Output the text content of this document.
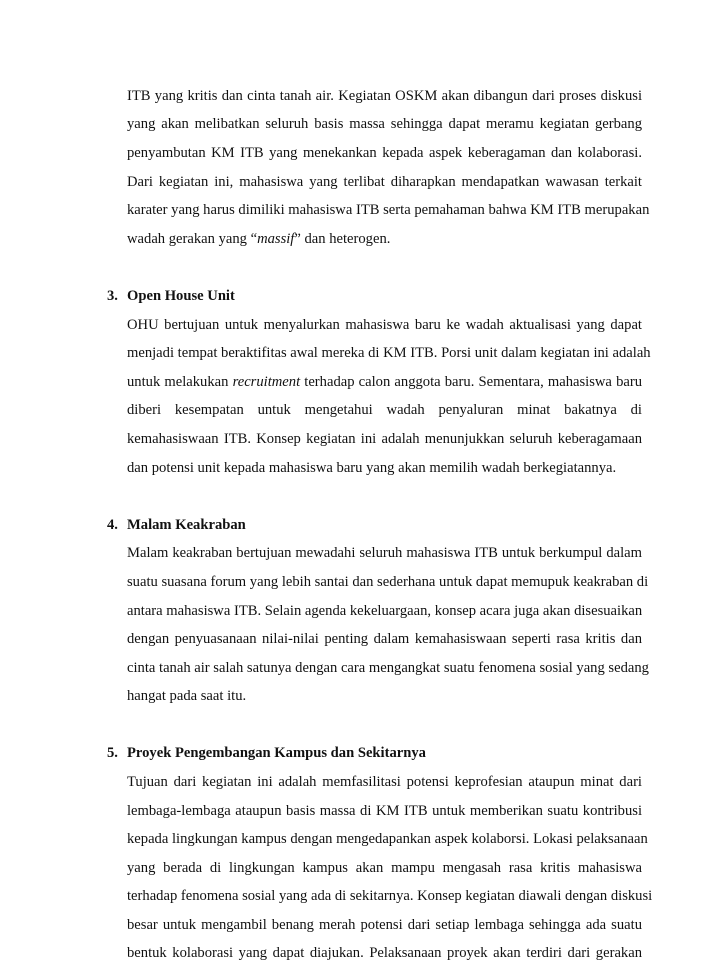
ITB yang kritis dan cinta tanah air. Kegiatan OSKM akan dibangun dari proses diskusi
yang akan melibatkan seluruh basis massa sehingga dapat meramu kegiatan gerbang
penyambutan KM ITB yang menekankan kepada aspek keberagaman dan kolaborasi.
Dari kegiatan ini, mahasiswa yang terlibat diharapkan mendapatkan wawasan terkait
karater yang harus dimiliki mahasiswa ITB serta pemahaman bahwa KM ITB merupakan
wadah gerakan yang “massif” dan heterogen.
3. Open House Unit
OHU bertujuan untuk menyalurkan mahasiswa baru ke wadah aktualisasi yang dapat
menjadi tempat beraktifitas awal mereka di KM ITB. Porsi unit dalam kegiatan ini adalah
untuk melakukan recruitment terhadap calon anggota baru. Sementara, mahasiswa baru
diberi kesempatan untuk mengetahui wadah penyaluran minat bakatnya di
kemahasiswaan ITB. Konsep kegiatan ini adalah menunjukkan seluruh keberagamaan
dan potensi unit kepada mahasiswa baru yang akan memilih wadah berkegiatannya.
4. Malam Keakraban
Malam keakraban bertujuan mewadahi seluruh mahasiswa ITB untuk berkumpul dalam
suatu suasana forum yang lebih santai dan sederhana untuk dapat memupuk keakraban di
antara mahasiswa ITB. Selain agenda kekeluargaan, konsep acara juga akan disesuaikan
dengan penyuasanaan nilai-nilai penting dalam kemahasiswaan seperti rasa kritis dan
cinta tanah air salah satunya dengan cara mengangkat suatu fenomena sosial yang sedang
hangat pada saat itu.
5. Proyek Pengembangan Kampus dan Sekitarnya
Tujuan dari kegiatan ini adalah memfasilitasi potensi keprofesian ataupun minat dari
lembaga-lembaga ataupun basis massa di KM ITB untuk memberikan suatu kontribusi
kepada lingkungan kampus dengan mengedapankan aspek kolaborsi. Lokasi pelaksanaan
yang berada di lingkungan kampus akan mampu mengasah rasa kritis mahasiswa
terhadap fenomena sosial yang ada di sekitarnya. Konsep kegiatan diawali dengan diskusi
besar untuk mengambil benang merah potensi dari setiap lembaga sehingga ada suatu
bentuk kolaborasi yang dapat diajukan. Pelaksanaan proyek akan terdiri dari gerakan
